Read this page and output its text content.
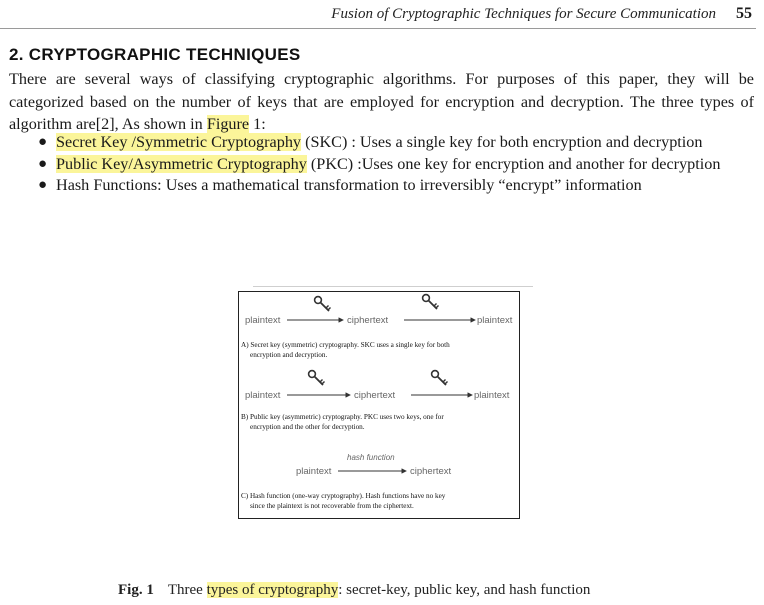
Fusion of Cryptographic Techniques for Secure Communication 55
2. CRYPTOGRAPHIC TECHNIQUES

There are several ways of classifying cryptographic algorithms. For purposes of this paper, they will be categorized based on the number of keys that are employed for encryption and decryption. The three types of algorithm are[2], As shown in Figure 1:

● Secret Key /Symmetric Cryptography (SKC) : Uses a single key for both encryption and decryption
● Public Key/Asymmetric Cryptography (PKC) :Uses one key for encryption and another for decryption
● Hash Functions: Uses a mathematical transformation to irreversibly “encrypt” information
plaintext	ciphertext	plaintext
plaintext	ciphertext	plaintext
hash function
plaintext	ciphertext
A) Secret key (symmetric) cryptography. SKC uses a single key for both
encryption and decryption.
B) Public key (asymmetric) cryptography. PKC uses two keys, one for
encryption and the other for decryption.
C) Hash function (one-way cryptography). Hash functions have no key
since the plaintext is not recoverable from the ciphertext.
Fig. 1 Three types of cryptography: secret-key, public key, and hash function
